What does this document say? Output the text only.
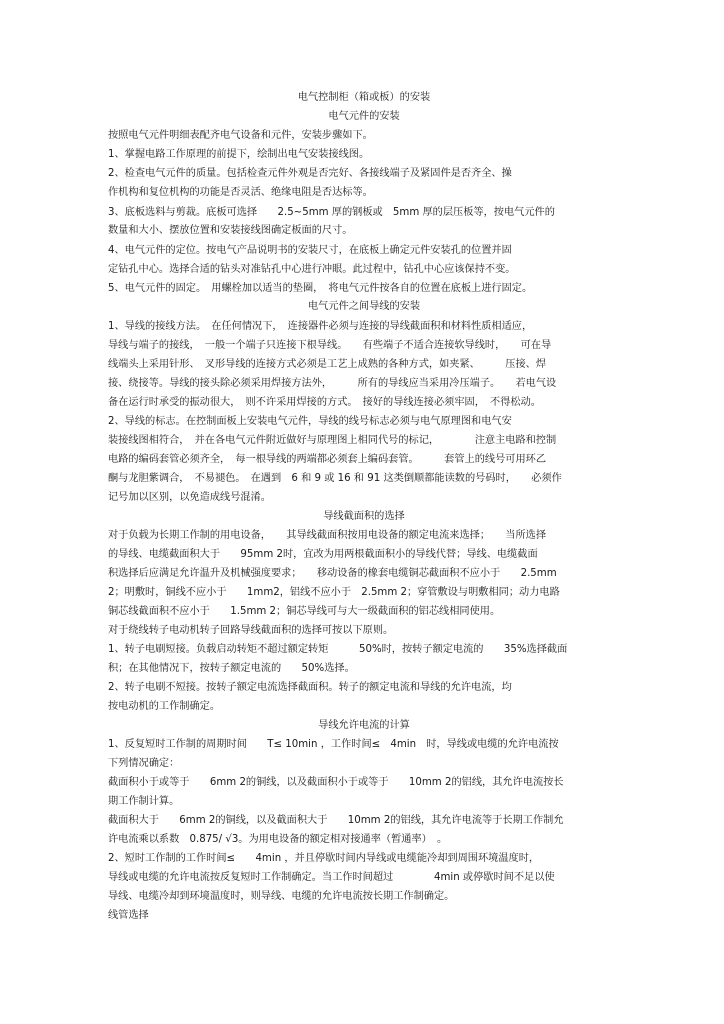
电气控制柜（箱或板）的安装
电气元件的安装
按照电气元件明细表配齐电气设备和元件，安装步骤如下。
1、掌握电路工作原理的前提下，绘制出电气安装接线图。
2、检查电气元件的质量。包括检查元件外观是否完好、各接线端子及紧固件是否齐全、操
作机构和复位机构的功能是否灵活、绝缘电阻是否达标等。
3、底板选料与剪裁。底板可选择　　2.5~5mm 厚的钢板或　5mm 厚的层压板等，按电气元件的
数量和大小、摆放位置和安装接线图确定板面的尺寸。
4、电气元件的定位。按电气产品说明书的安装尺寸，在底板上确定元件安装孔的位置并固
定钻孔中心。选择合适的钻头对准钻孔中心进行冲眼。此过程中，钻孔中心应该保持不变。
5、电气元件的固定。　用螺栓加以适当的垫圈，　将电气元件按各自的位置在底板上进行固定。
电气元件之间导线的安装
1、导线的接线方法。　在任何情况下，　连接器件必须与连接的导线截面积和材料性质相适应，
导线与端子的接线，　一般一个端子只连接下根导线。　　有些端子不适合连接软导线时，　　可在导
线端头上采用针形、　叉形导线的连接方式必须是工艺上成熟的各种方式，如夹紧、　　　压接、焊
接、绕接等。导线的接头除必须采用焊接方法外，　　　所有的导线应当采用冷压端子。　　若电气设
备在运行时承受的振动很大，　则不许采用焊接的方式。　接好的导线连接必须牢固，　不得松动。
2、导线的标志。在控制面板上安装电气元件，导线的线号标志必须与电气原理图和电气安
装接线图相符合，　并在各电气元件附近做好与原理图上相同代号的标记，　　　　注意主电路和控制
电路的编码套管必须齐全，　每一根导线的两端都必须套上编码套管。　　　套管上的线号可用环乙
酮与龙胆紫调合，　不易褪色。　在遇到　6 和 9 或 16 和 91 这类倒顺都能读数的号码时，　　必须作
记号加以区别，以免造成线号混淆。
导线截面积的选择
对于负载为长期工作制的用电设备，　　其导线截面积按用电设备的额定电流来选择；　　当所选择
的导线、电缆截面积大于　　95mm 2时，宜改为用两根截面积小的导线代替；导线、电缆截面
积选择后应满足允许温升及机械强度要求；　　移动设备的橡套电缆铜芯截面积不应小于　　2.5mm
2；明敷时，铜线不应小于　　1mm2，铝线不应小于　2.5mm 2；穿管敷设与明敷相同；动力电路
铜芯线截面积不应小于　　1.5mm 2；铜芯导线可与大一级截面积的铝芯线相同使用。
对于绕线转子电动机转子回路导线截面积的选择可按以下原则。
1、转子电刷短接。负载启动转矩不超过额定转矩　　　50%时，按转子额定电流的　　35%选择截面
积；在其他情况下，按转子额定电流的　　50%选择。
2、转子电刷不短接。按转子额定电流选择截面积。转子的额定电流和导线的允许电流，均
按电动机的工作制确定。
导线允许电流的计算
1、反复短时工作制的周期时间　　T≤ 10min ，工作时间≤　4min　时，导线或电缆的允许电流按
下列情况确定：
截面积小于或等于　　6mm 2的铜线，以及截面积小于或等于　　10mm 2的铝线，其允许电流按长
期工作制计算。
截面积大于　　6mm 2的铜线，以及截面积大于　　10mm 2的铝线，其允许电流等于长期工作制允
许电流乘以系数　0.875/ √3。为用电设备的额定相对接通率（暂通率）　。
2、短时工作制的工作时间≤　　4min ，并且停歇时间内导线或电缆能冷却到周围环境温度时，
导线或电缆的允许电流按反复短时工作制确定。当工作时间超过　　　　4min 或停歇时间不足以使
导线、电缆冷却到环境温度时，则导线、电缆的允许电流按长期工作制确定。
线管选择
